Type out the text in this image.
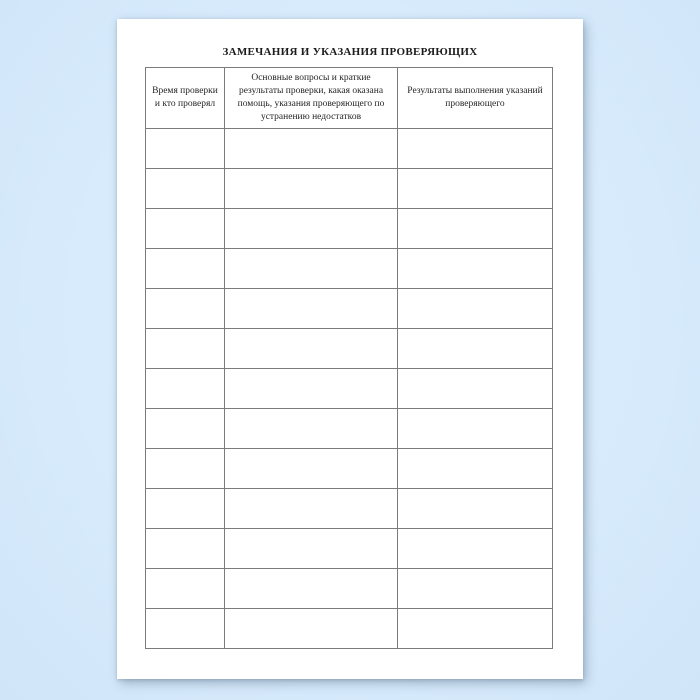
ЗАМЕЧАНИЯ И УКАЗАНИЯ ПРОВЕРЯЮЩИХ
Время проверки и кто проверял	Основные вопросы и краткие результаты проверки, какая оказана помощь, указания проверяющего по устранению недостатков	Результаты выполнения указаний проверяющего
